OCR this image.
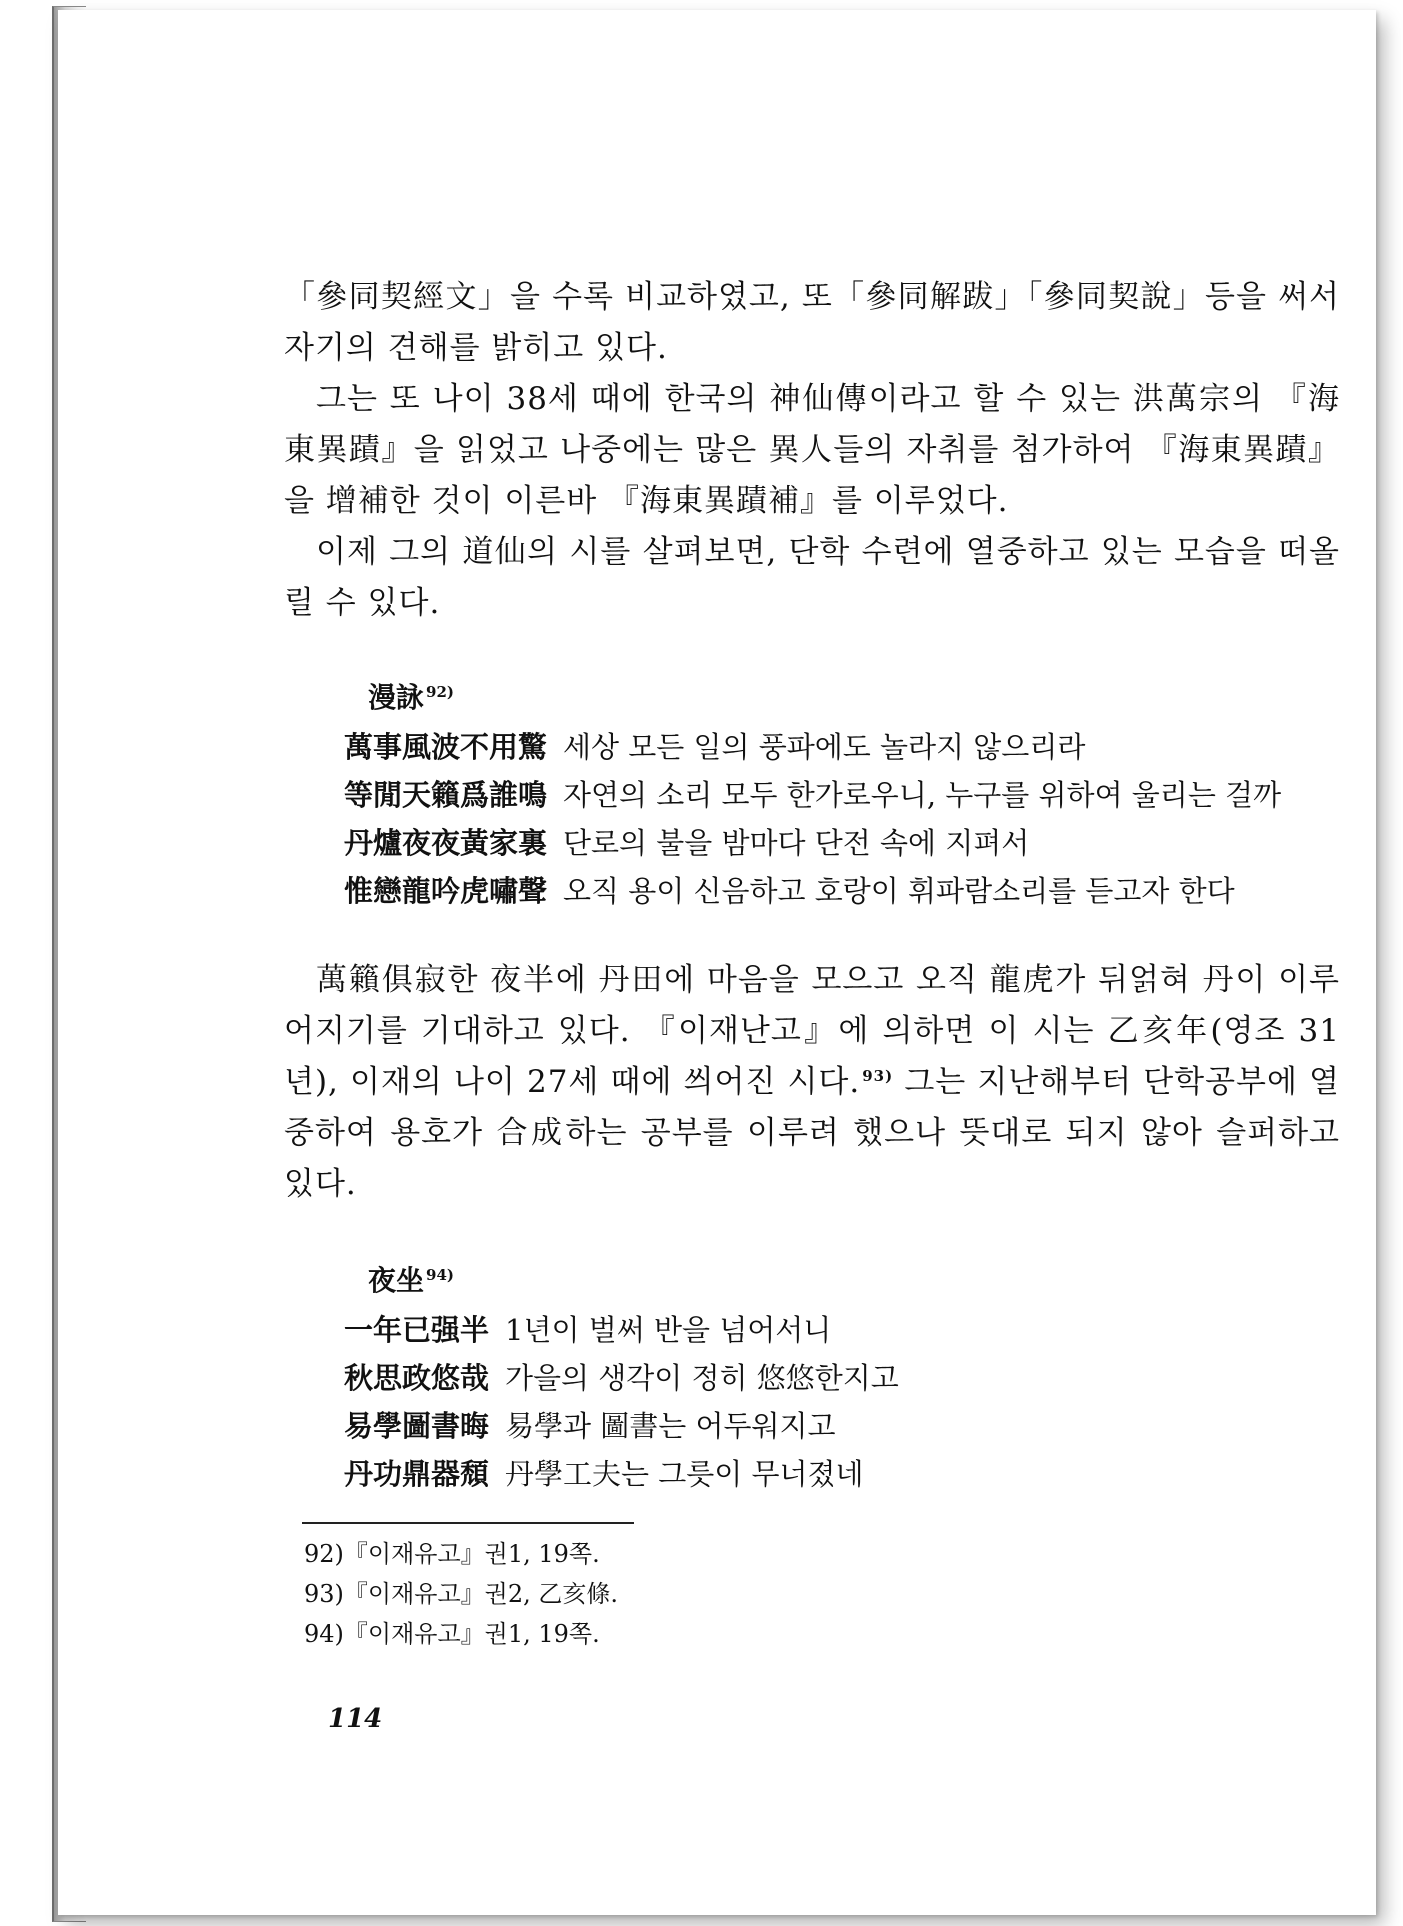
「參同契經文」을 수록 비교하였고, 또「參同解跋」「參同契說」등을 써서 자기의 견해를 밝히고 있다.

그는 또 나이 38세 때에 한국의 神仙傳이라고 할 수 있는 洪萬宗의 『海東異蹟』을 읽었고 나중에는 많은 異人들의 자취를 첨가하여 『海東異蹟』을 增補한 것이 이른바 『海東異蹟補』를 이루었다.

이제 그의 道仙의 시를 살펴보면, 단학 수련에 열중하고 있는 모습을 떠올릴 수 있다.

漫詠 $^{92)}$
萬事風波不用驚 세상 모든 일의 풍파에도 놀라지 않으리라
等閒天籟爲誰鳴 자연의 소리 모두 한가로우니, 누구를 위하여 울리는 걸까
丹爐夜夜黃家裏 단로의 불을 밤마다 단전 속에 지펴서
惟戀龍吟虎嘯聲 오직 용이 신음하고 호랑이 휘파람소리를 듣고자 한다

萬籟俱寂한 夜半에 丹田에 마음을 모으고 오직 龍虎가 뒤얽혀 丹이 이루어지기를 기대하고 있다. 『이재난고』에 의하면 이 시는 乙亥年(영조 31년), 이재의 나이 27세 때에 씌어진 시다. $^{93)}$ 그는 지난해부터 단학공부에 열중하여 용호가 合成하는 공부를 이루려 했으나 뜻대로 되지 않아 슬퍼하고 있다.

夜坐 $^{94)}$
一年已强半 1년이 벌써 반을 넘어서니
秋思政悠哉 가을의 생각이 정히 悠悠한지고
易學圖書晦 易學과 圖書는 어두워지고
丹功鼎器頹 丹學工夫는 그릇이 무너졌네
92)『이재유고』권1, 19쪽.
93)『이재유고』권2, 乙亥條.
94)『이재유고』권1, 19쪽.
114
